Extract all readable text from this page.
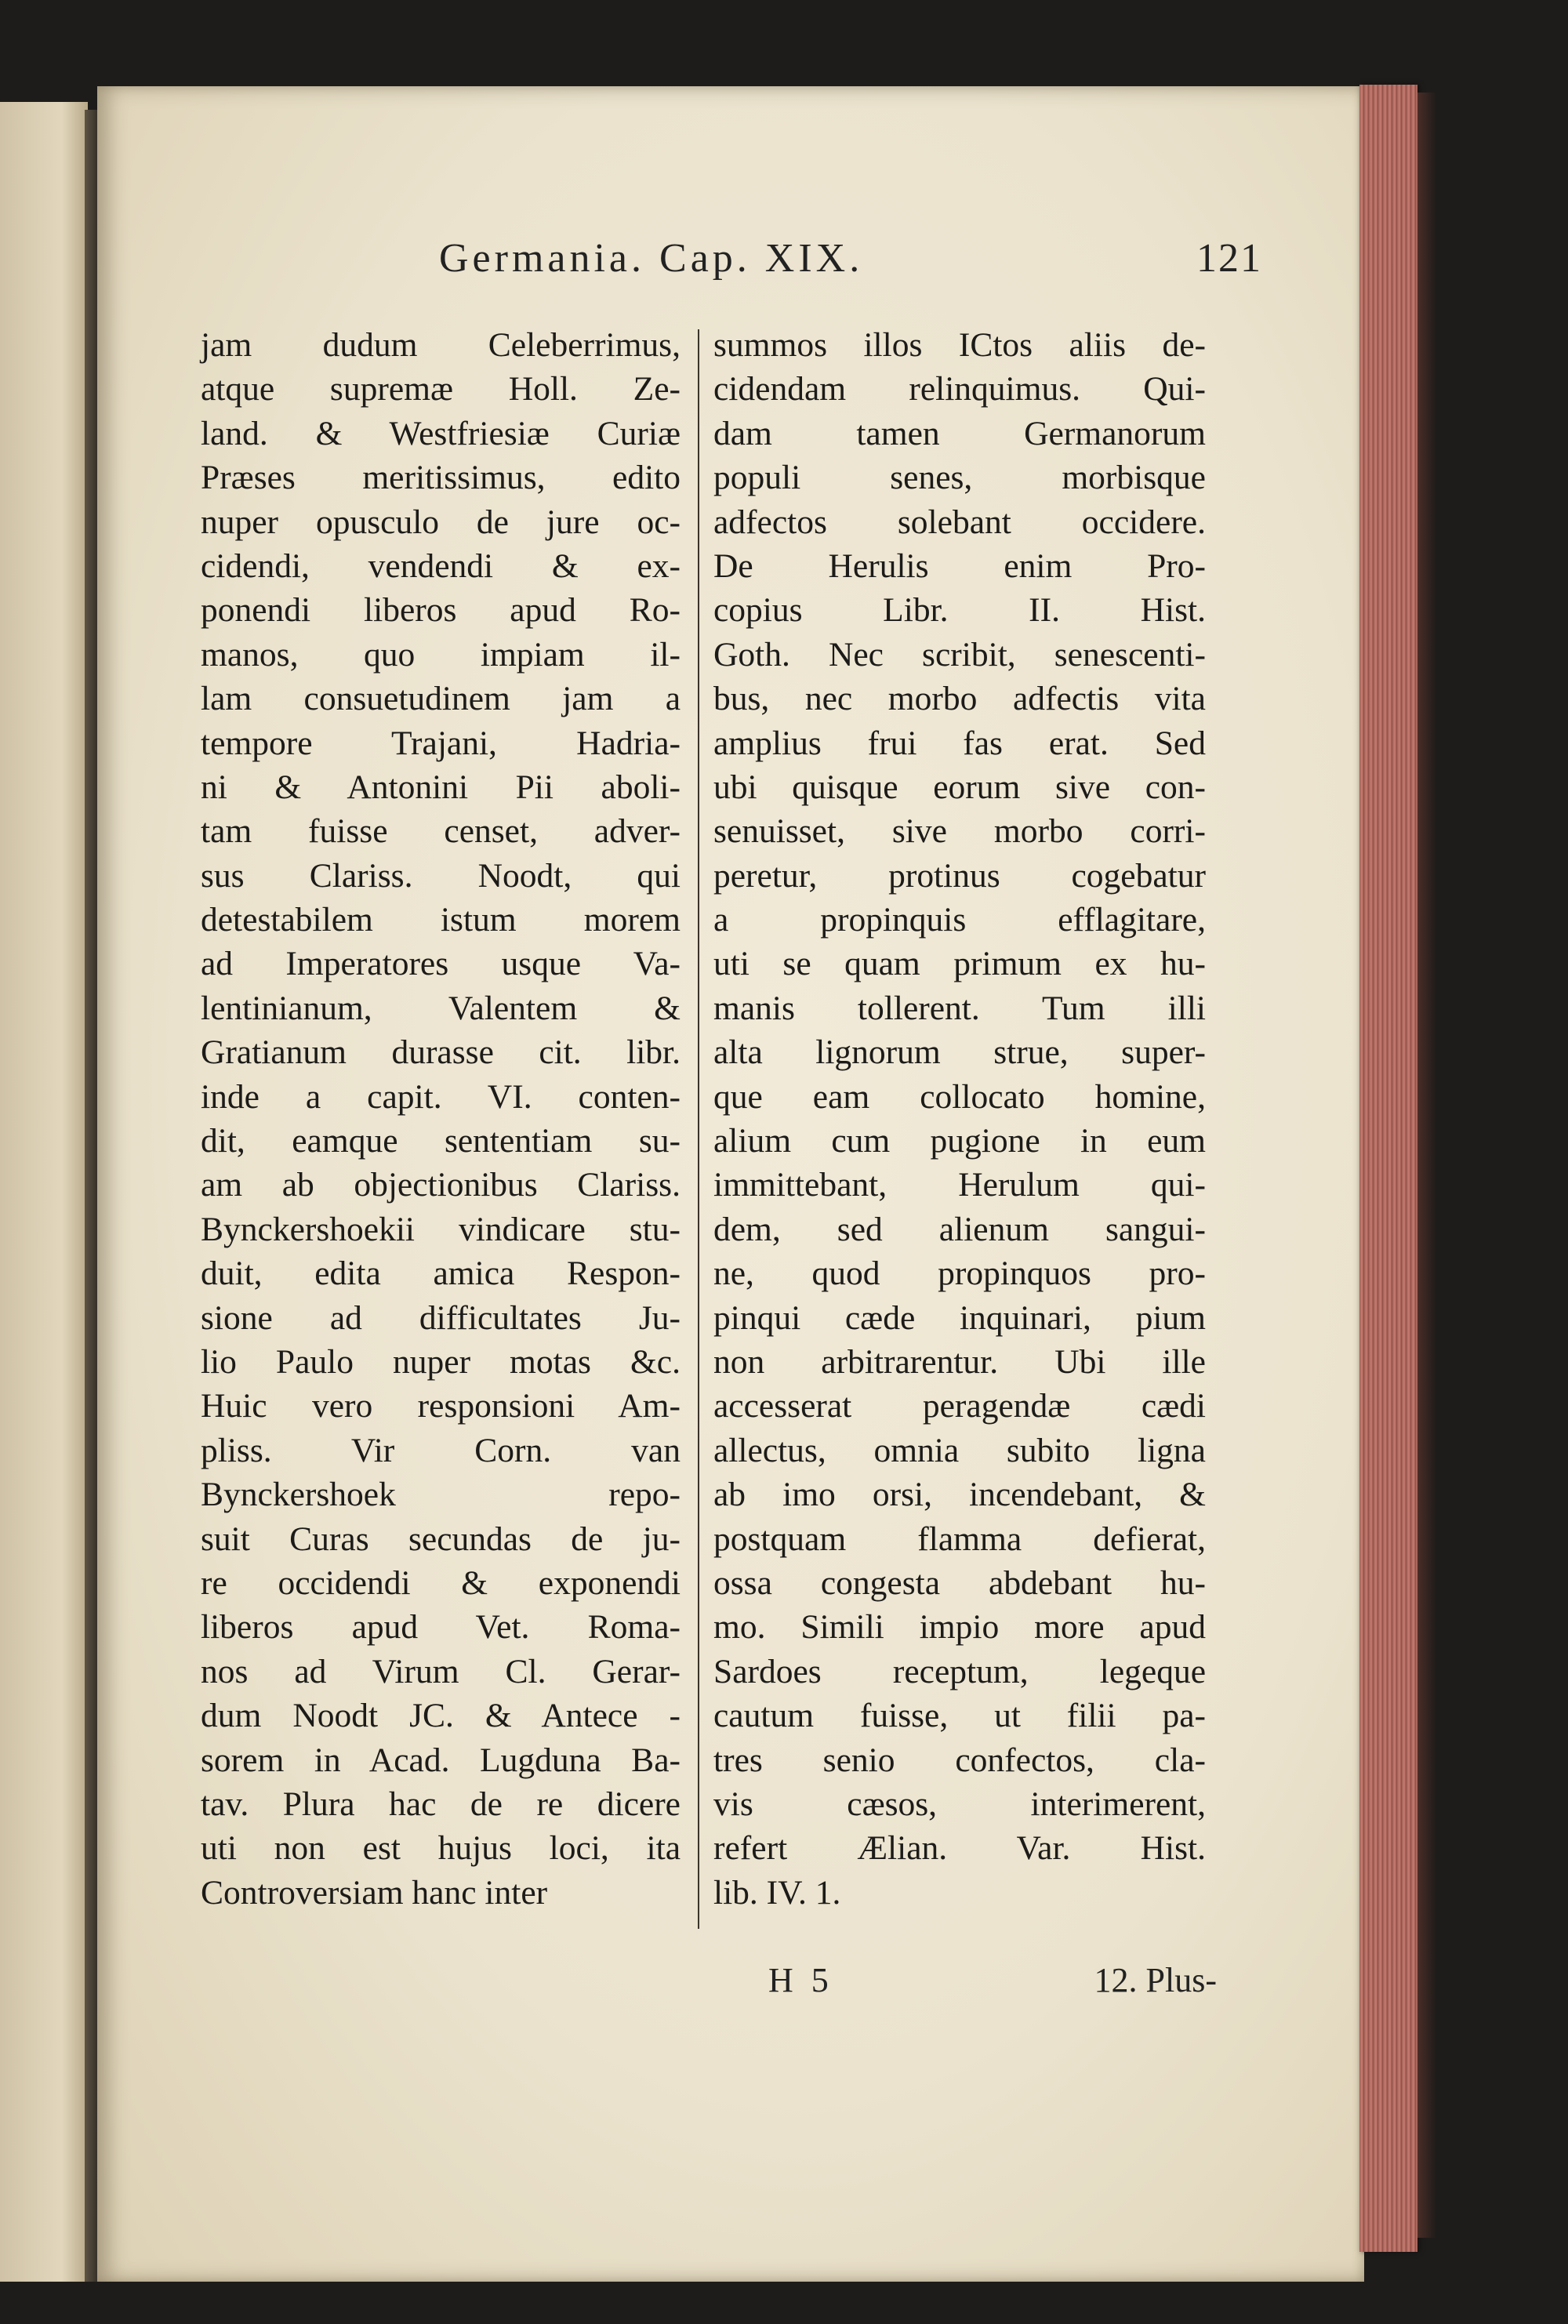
Germania. Cap. XIX.	121
jam dudum Celeberrimus,
atque supremæ Holl. Ze-
land. & Westfriesiæ Curiæ
Præses meritissimus, edito
nuper opusculo de jure oc-
cidendi, vendendi & ex-
ponendi liberos apud Ro-
manos, quo impiam il-
lam consuetudinem jam a
tempore Trajani, Hadria-
ni & Antonini Pii aboli-
tam fuisse censet, adver-
sus Clariss. Noodt, qui
detestabilem istum morem
ad Imperatores usque Va-
lentinianum, Valentem &
Gratianum durasse cit. libr.
inde a capit. VI. conten-
dit, eamque sententiam su-
am ab objectionibus Clariss.
Bynckershoekii vindicare stu-
duit, edita amica Respon-
sione ad difficultates Ju-
lio Paulo nuper motas &c.
Huic vero responsioni Am-
pliss. Vir Corn. van
Bynckershoek repo-
suit Curas secundas de ju-
re occidendi & exponendi
liberos apud Vet. Roma-
nos ad Virum Cl. Gerar-
dum Noodt JC. & Antece -
sorem in Acad. Lugduna Ba-
tav. Plura hac de re dicere
uti non est hujus loci, ita
Controversiam hanc inter
summos illos ICtos aliis de-
cidendam relinquimus. Qui-
dam tamen Germanorum
populi senes, morbisque
adfectos solebant occidere.
De Herulis enim Pro-
copius Libr. II. Hist.
Goth. Nec scribit, senescenti-
bus, nec morbo adfectis vita
amplius frui fas erat. Sed
ubi quisque eorum sive con-
senuisset, sive morbo corri-
peretur, protinus cogebatur
a propinquis efflagitare,
uti se quam primum ex hu-
manis tollerent. Tum illi
alta lignorum strue, super-
que eam collocato homine,
alium cum pugione in eum
immittebant, Herulum qui-
dem, sed alienum sangui-
ne, quod propinquos pro-
pinqui cæde inquinari, pium
non arbitrarentur. Ubi ille
accesserat peragendæ cædi
allectus, omnia subito ligna
ab imo orsi, incendebant, &
postquam flamma defierat,
ossa congesta abdebant hu-
mo. Simili impio more apud
Sardoes receptum, legeque
cautum fuisse, ut filii pa-
tres senio confectos, cla-
vis cæsos, interimerent,
refert Ælian. Var. Hist.
lib. IV. 1.
H 5	12. Plus-
